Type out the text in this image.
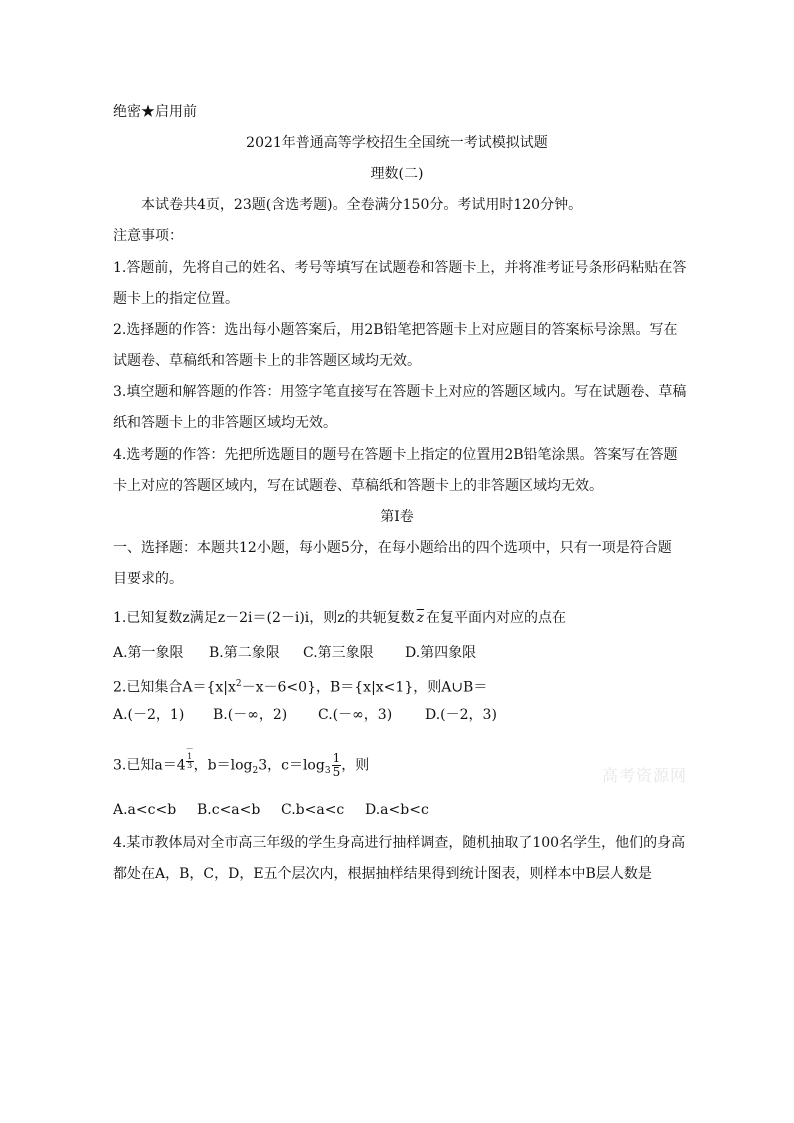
绝密★启用前
2021年普通高等学校招生全国统一考试模拟试题
理数(二)
本试卷共4页，23题(含选考题)。全卷满分150分。考试用时120分钟。
注意事项：
1.答题前，先将自己的姓名、考号等填写在试题卷和答题卡上，并将准考证号条形码粘贴在答
题卡上的指定位置。
2.选择题的作答：选出每小题答案后，用2B铅笔把答题卡上对应题目的答案标号涂黑。写在
试题卷、草稿纸和答题卡上的非答题区域均无效。
3.填空题和解答题的作答：用签字笔直接写在答题卡上对应的答题区域内。写在试题卷、草稿
纸和答题卡上的非答题区域均无效。
4.选考题的作答：先把所选题目的题号在答题卡上指定的位置用2B铅笔涂黑。答案写在答题
卡上对应的答题区域内，写在试题卷、草稿纸和答题卡上的非答题区域均无效。
第Ⅰ卷
一、选择题：本题共12小题，每小题5分，在每小题给出的四个选项中，只有一项是符合题
目要求的。
1.已知复数z满足z－2i＝(2－i)i，则z的共轭复数 $\overline{z}$ 在复平面内对应的点在
A.第一象限 B.第二象限 C.第三象限 D.第四象限
2.已知集合$A=\{x|x^2-x-6<0\}$，B＝{x|x<1}，则A∪B＝
A.(－2，1) B.(－∞，2) C.(－∞，3) D.(－2，3)
3.已知a＝4－
1
3，$b=\log_23$，$c=\log_3 \frac{1}{5}$ ，则
A.a<c<b B.c<a<b C.b<a<c D.a<b<c
4.某市教体局对全市高三年级的学生身高进行抽样调查，随机抽取了100名学生，他们的身高
都处在A，B，C，D，E五个层次内，根据抽样结果得到统计图表，则样本中B层人数是
高考资源网
